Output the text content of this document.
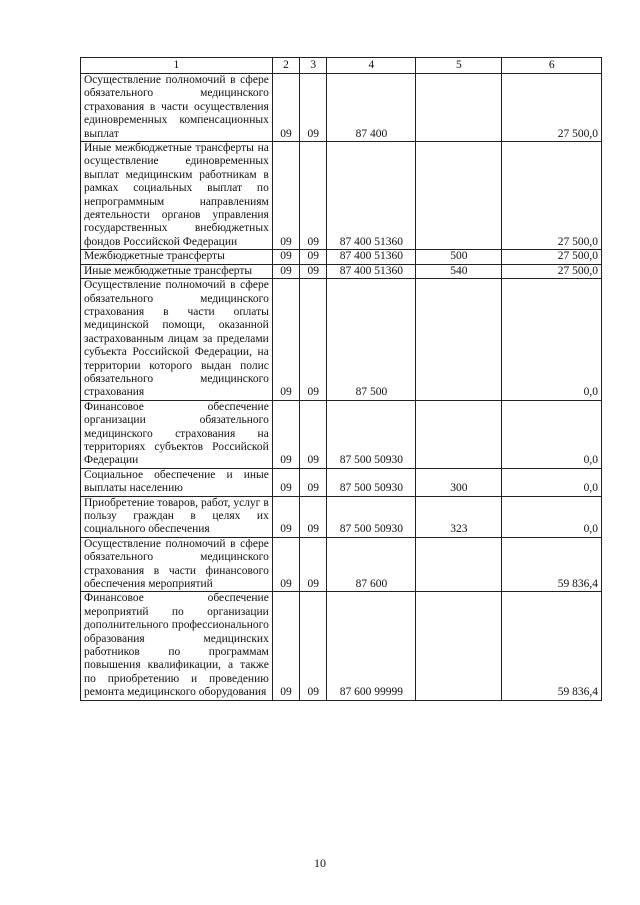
1	2	3	4	5	6
Осуществление полномочий в сфере обязательного медицинского страхования в части осуществления единовременных компенсационных выплат	09	09	87 400		27 500,0
Иные межбюджетные трансферты на осуществление единовременных выплат медицинским работникам в рамках социальных выплат по непрограммным направлениям деятельности органов управления государственных внебюджетных фондов Российской Федерации	09	09	87 400 51360		27 500,0
Межбюджетные трансферты	09	09	87 400 51360	500	27 500,0
Иные межбюджетные трансферты	09	09	87 400 51360	540	27 500,0
Осуществление полномочий в сфере обязательного медицинского страхования в части оплаты медицинской помощи, оказанной застрахованным лицам за пределами субъекта Российской Федерации, на территории которого выдан полис обязательного медицинского страхования	09	09	87 500		0,0
Финансовое обеспечение организации обязательного медицинского страхования на территориях субъектов Российской Федерации	09	09	87 500 50930		0,0
Социальное обеспечение и иные выплаты населению	09	09	87 500 50930	300	0,0
Приобретение товаров, работ, услуг в пользу граждан в целях их социального обеспечения	09	09	87 500 50930	323	0,0
Осуществление полномочий в сфере обязательного медицинского страхования в части финансового обеспечения мероприятий	09	09	87 600		59 836,4
Финансовое обеспечение мероприятий по организации дополнительного профессионального образования медицинских работников по программам повышения квалификации, а также по приобретению и проведению ремонта медицинского оборудования	09	09	87 600 99999		59 836,4
10
